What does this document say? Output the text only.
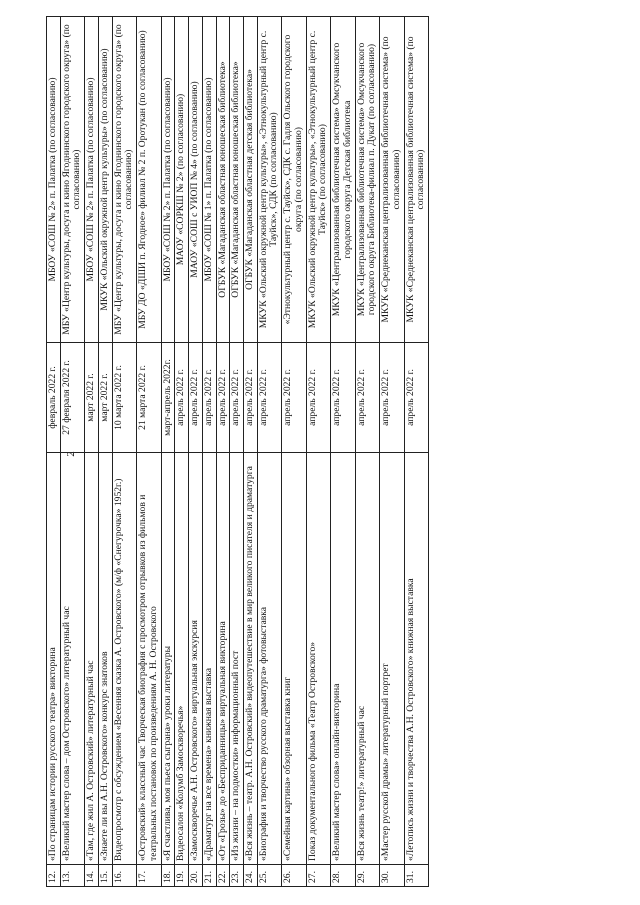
2
12.	«По страницам истории русского театра» викторина	февраль 2022 г.	МБОУ «СОШ № 2» п. Палатка (по согласованию)
13.	«Великий мастер слова – дом Островского» литературный час	27 февраля 2022 г.	МБУ «Центр культуры, досуга и кино Ягоднинского городского округа» (по согласованию)
14.	«Там, где жил А. Островский» литературный час	март 2022 г.	МБОУ «СОШ № 2» п. Палатка (по согласованию)
15.	«Знаете ли вы А.Н. Островского» конкурс знатоков	март 2022 г.	МКУК «Ольский окружной центр культуры» (по согласованию)
16.	Видеопросмотр с обсуждением «Весенняя сказка А. Островского» (м/ф «Снегурочка» 1952г.)	10 марта 2022 г.	МБУ «Центр культуры, досуга и кино Ягоднинского городского округа» (по согласованию)
17.	«Островский» классный час Творческая биография с просмотром отрывков из фильмов и театральных постановок по произведениям А. Н. Островского	21 марта 2022 г.	МБУ ДО «ДШИ п. Ягодное» филиал № 2 п. Оротукан (по согласованию)
18.	«Я счастлива, моя пьеса сыграна» уроки литературы	март-апрель 2022г.	МБОУ «СОШ № 2» п. Палатка (по согласованию)
19.	Видеосалон «Колумб Замоскворечья»	апрель 2022 г.	МАОУ «СОРКШ № 2» (по согласованию)
20.	«Замоскворечье А.Н. Островского» виртуальная экскурсия	апрель 2022 г.	МАОУ «СОШ с УИОП № 4» (по согласованию)
21.	«Драматург на все времена» книжная выставка	апрель 2022 г.	МБОУ «СОШ № 1» п. Палатка (по согласованию)
22.	«От «Грозы» до «Бесприданницы» виртуальная викторина	апрель 2022 г.	ОГБУК «Магаданская областная юношеская библиотека»
23.	«Из жизни – на подмостки» информационный пост	апрель 2022 г.	ОГБУК «Магаданская областная юношеская библиотека»
24.	«Вся жизнь – театр. А.Н. Островский» видеопутешествие в мир великого писателя и драматурга	апрель 2022 г.	ОГБУК «Магаданская областная детская библиотека»
25.	«Биография и творчество русского драматурга» фотовыставка	апрель 2022 г.	МКУК «Ольский окружной центр культуры», «Этнокультурный центр с. Тауйск», СДК (по согласованию)
26.	«Семейная картина» обзорная выставка книг	апрель 2022 г.	«Этнокультурный центр с. Тауйск», СДК с. Гадля Ольского городского округа (по согласованию)
27.	Показ документального фильма «Театр Островского»	апрель 2022 г.	МКУК «Ольский окружной центр культуры», «Этнокультурный центр с. Тауйск» (по согласованию)
28.	«Великий мастер слова» онлайн-викторина	апрель 2022 г.	МКУК «Централизованная библиотечная система» Омсукчанского городского округа Детская библиотека
29.	«Вся жизнь театр!» литературный час	апрель 2022 г.	МКУК «Централизованная библиотечная система» Омсукчанского городского округа Библиотека-филиал п. Дукат (по согласованию)
30.	«Мастер русской драмы» литературный портрет	апрель 2022 г.	МКУК «Среднеканская централизованная библиотечная система» (по согласованию)
31.	«Летопись жизни и творчества А.Н. Островского» книжная выставка	апрель 2022 г.	МКУК «Среднеканская централизованная библиотечная система» (по согласованию)
